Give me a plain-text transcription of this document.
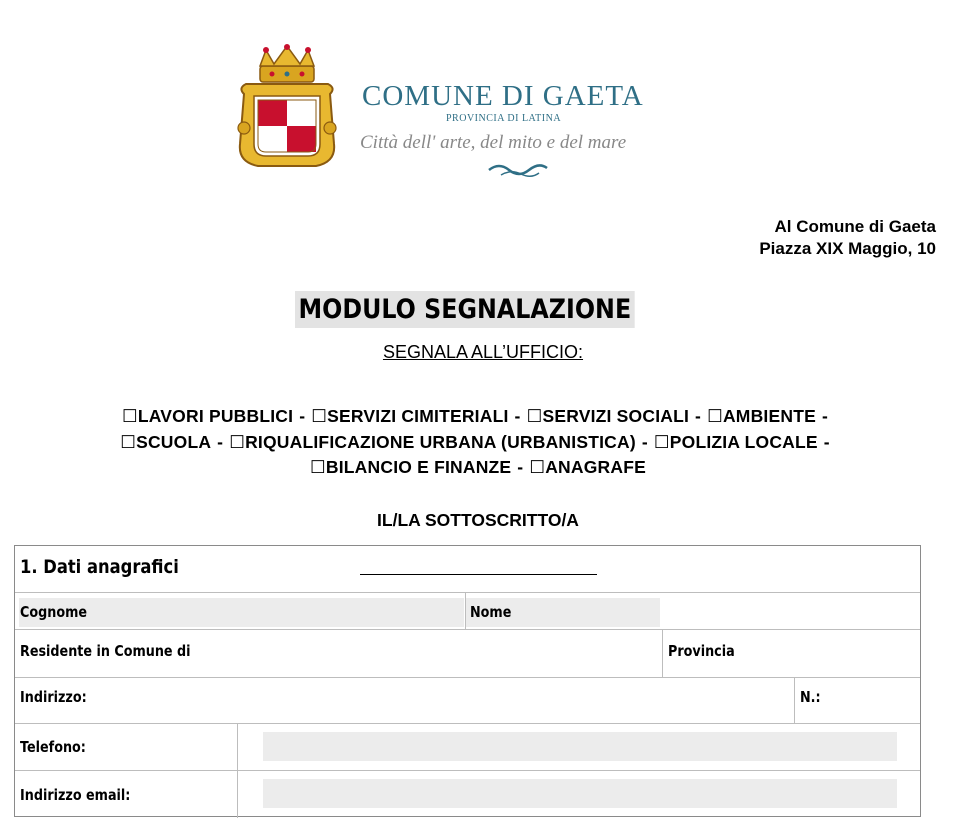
COMUNE DI GAETA
PROVINCIA DI LATINA
Città dell' arte, del mito e del mare
Al Comune di Gaeta
Piazza XIX Maggio, 10
MODULO SEGNALAZIONE
SEGNALA ALL’UFFICIO:
☐LAVORI PUBBLICI - ☐SERVIZI CIMITERIALI - ☐SERVIZI SOCIALI - ☐AMBIENTE -
☐SCUOLA - ☐RIQUALIFICAZIONE URBANA (URBANISTICA) - ☐POLIZIA LOCALE -
☐BILANCIO E FINANZE - ☐ANAGRAFE
IL/LA SOTTOSCRITTO/A
1. Dati anagrafici
Cognome	Nome
Residente in Comune di	Provincia
Indirizzo:	N.:
Telefono:
Indirizzo email:
